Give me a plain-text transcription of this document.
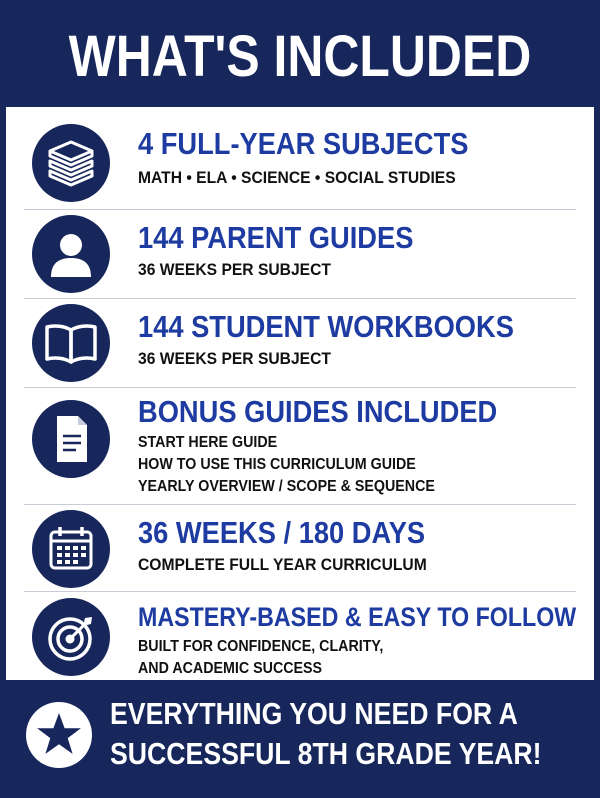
WHAT'S INCLUDED
4 FULL-YEAR SUBJECTS
MATH • ELA • SCIENCE • SOCIAL STUDIES
144 PARENT GUIDES
36 WEEKS PER SUBJECT
144 STUDENT WORKBOOKS
36 WEEKS PER SUBJECT
BONUS GUIDES INCLUDED
START HERE GUIDE
HOW TO USE THIS CURRICULUM GUIDE
YEARLY OVERVIEW / SCOPE & SEQUENCE
36 WEEKS / 180 DAYS
COMPLETE FULL YEAR CURRICULUM
MASTERY-BASED & EASY TO FOLLOW
BUILT FOR CONFIDENCE, CLARITY,
AND ACADEMIC SUCCESS
EVERYTHING YOU NEED FOR A
SUCCESSFUL 8TH GRADE YEAR!
